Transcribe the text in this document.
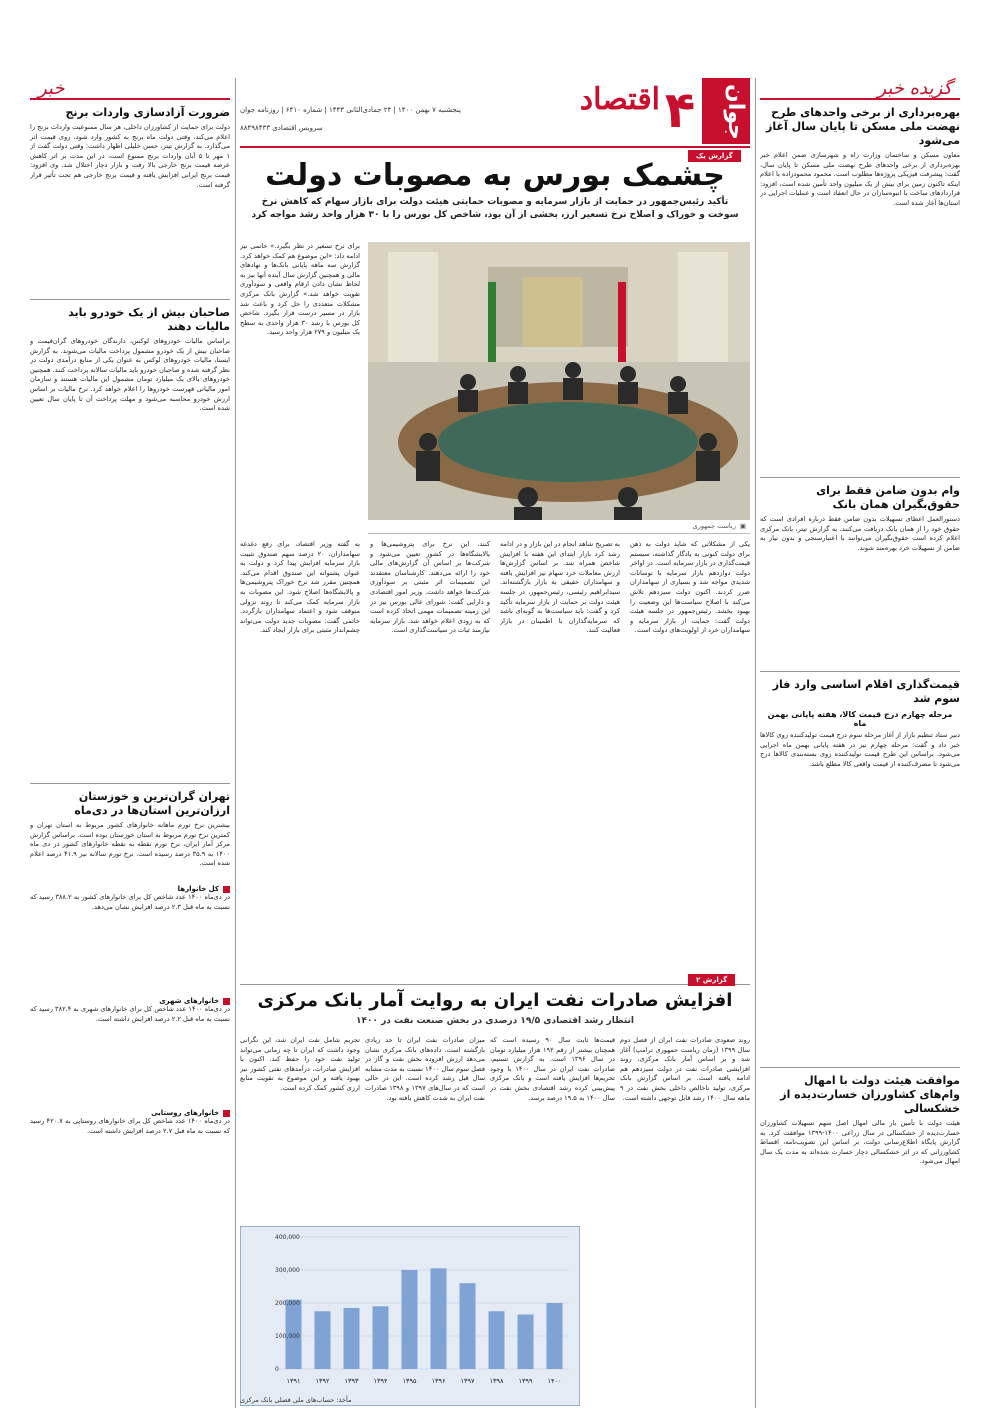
جوان
۴
اقتصاد
پنجشنبه ۷ بهمن ۱۴۰۰ | ۲۴ جمادی‌الثانی ۱۴۴۳ | شماره ۶۴۱۰ | روزنامه جوان
سرویس اقتصادی ۸۸۴۹۸۴۳۳
گزارش یک
چشمک بورس به مصوبات دولت
تأکید رئیس‌جمهور در حمایت از بازار سرمایه و مصوبات حمایتی هیئت دولت برای بازار سهام که کاهش نرخ سوخت و خوراک و اصلاح نرخ تسعیر ارز، بخشی از آن بود، شاخص کل بورس را با ۳۰ هزار واحد رشد مواجه کرد
▣
ریاست جمهوری
برای نرخ تسعیر در نظر بگیرد.» خاتمی‌ نیز ادامه داد: «این موضوع هم کمک خواهد کرد. گزارش سه ماهه پایانی بانک‌ها و نهادهای مالی و همچنین گزارش سال آینده آنها نیز به لحاظ نشان دادن ارقام واقعی و سودآوری تقویت خواهد شد.» گزارش بانک مرکزی مشکلات متعددی را حل کرد و باعث شد بازار در مسیر درست قرار بگیرد. شاخص کل بورس با رشد ۳۰ هزار واحدی به سطح یک میلیون و ۲۷۹ هزار واحد رسید.
به گفته وزیر اقتصاد، برای رفع دغدغه سهامداران، ۲۰ درصد سهم صندوق تثبیت بازار سرمایه افزایش پیدا کرد و دولت به عنوان پشتوانه این صندوق اقدام می‌کند. همچنین مقرر شد نرخ خوراک پتروشیمی‌ها و پالایشگاه‌ها اصلاح شود. این مصوبات به بازار سرمایه کمک می‌کند تا روند نزولی متوقف شود و اعتماد سهامداران بازگردد. خاتمی گفت: مصوبات جدید دولت می‌تواند چشم‌انداز مثبتی برای بازار ایجاد کند.
کنند. این نرخ برای پتروشیمی‌ها و پالایشگاه‌ها در کشور تعیین می‌شود و شرکت‌ها بر اساس آن گزارش‌های مالی خود را ارائه می‌دهند. کارشناسان معتقدند این تصمیمات اثر مثبتی بر سودآوری شرکت‌ها خواهد داشت. وزیر امور اقتصادی و دارایی گفت: شورای عالی بورس نیز در این زمینه تصمیمات مهمی اتخاذ کرده است که به زودی اعلام خواهد شد. بازار سرمایه نیازمند ثبات در سیاست‌گذاری است.
به تصریح شاهد انجام در این بازار و در ادامه رشد کرد بازار ابتدای این هفته با افزایش شاخص همراه شد. بر اساس گزارش‌ها ارزش معاملات خرد سهام نیز افزایش یافته و سهامداران حقیقی به بازار بازگشته‌اند. سیدابراهیم رئیسی، رئیس‌جمهور، در جلسه هیئت دولت بر حمایت از بازار سرمایه تأکید کرد و گفت: باید سیاست‌ها به گونه‌ای باشد که سرمایه‌گذاران با اطمینان در بازار فعالیت کنند.
یکی از مشکلاتی که شاید دولت به‌ ذهن برای دولت کنونی به یادگار گذاشته، سیستم قیمت‌گذاری در بازار سرمایه است. در اواخر دولت دوازدهم بازار سرمایه با نوسانات شدیدی مواجه شد و بسیاری از سهامداران ضرر کردند. اکنون دولت سیزدهم تلاش می‌کند با اصلاح سیاست‌ها این وضعیت را بهبود بخشد. رئیس‌جمهور در جلسه هیئت دولت گفت: حمایت از بازار سرمایه و سهامداران خرد از اولویت‌های دولت است.
گزارش ۲
افزایش صادرات نفت ایران به روایت آمار بانک مرکزی
انتظار رشد اقتصادی ۱۹/۵ درصدی در بخش صنعت نفت در ۱۴۰۰
روند صعودی صادرات نفت ایران از فصل دوم سال ۱۳۹۹ (زمان ریاست جمهوری ترامپ) آغاز شد و بر اساس آمار بانک مرکزی، روند افزایشی صادرات نفت در دولت سیزدهم هم ادامه یافته است. بر اساس گزارش بانک مرکزی، تولید ناخالص داخلی بخش نفت در ۹ ماهه سال ۱۴۰۰ رشد قابل توجهی داشته است.
قیمت‌ها ثابت سال ۹۰ رسیده است که همچنان بیشتر از رقم ۱۹۲ هزار میلیارد تومان در سال ۱۳۹۶ است. به گزارش تسنیم، صادرات نفت ایران در سال ۱۴۰۰ با وجود تحریم‌ها افزایش یافته است و بانک مرکزی پیش‌بینی کرده رشد اقتصادی بخش نفت در سال ۱۴۰۰ به ۱۹.۵ درصد برسد.
میزان صادرات نفت ایران تا حد زیادی بازگشته است. داده‌های بانک مرکزی نشان می‌دهد ارزش افزوده بخش نفت و گاز در فصل سوم سال ۱۴۰۰ نسبت به مدت مشابه سال قبل رشد کرده است. این در حالی است که در سال‌های ۱۳۹۷ و ۱۳۹۸ صادرات نفت ایران به شدت کاهش یافته بود.
تحریم شامل نفت ایران شد، این نگرانی وجود داشت که ایران تا چه زمانی می‌تواند تولید نفت خود را حفظ کند. اکنون با افزایش صادرات، درآمدهای نفتی کشور نیز بهبود یافته و این موضوع به تقویت منابع ارزی کشور کمک کرده است.
0
100,000
200,000
300,000
400,000
۱۳۹۱ ۱۳۹۲ ۱۳۹۳ ۱۳۹۴ ۱۳۹۵ ۱۳۹۶ ۱۳۹۷ ۱۳۹۸ ۱۳۹۹ ۱۴۰۰
مأخذ: حساب‌های ملی فصلی بانک مرکزی
خبر
ضرورت آزادسازی واردات برنج
دولت برای حمایت از کشاورزان داخلی، هر سال ممنوعیت واردات برنج را اعلام می‌کند، وقتی دولت ماه برنج به کشور وارد شود، روی قیمت اثر می‌گذارد. به گزارش تیتر، حسن خلیلی‌ اظهار داشت: وقتی دولت گفت از ۱ مهر تا ۵ آبان واردات برنج ممنوع است، در این مدت بر اثر کاهش عرضه قیمت برنج خارجی بالا رفت و بازار دچار اختلال شد. وی افزود: قیمت برنج ایرانی افزایش یافته و قیمت برنج خارجی هم تحت تأثیر قرار گرفته است.
صاحبان بیش از یک خودرو باید مالیات دهند
براساس مالیات خودروهای لوکس، دارندگان خودروهای گران‌قیمت و صاحبان بیش از یک خودرو مشمول پرداخت مالیات می‌شوند. به گزارش ایسنا، مالیات خودروهای لوکس به عنوان یکی از منابع درآمدی دولت در نظر گرفته شده و صاحبان خودرو باید مالیات سالانه پرداخت کنند. همچنین خودروهای بالای یک میلیارد تومان مشمول این مالیات هستند و سازمان امور مالیاتی فهرست خودروها را اعلام خواهد کرد. نرخ مالیات بر اساس ارزش خودرو محاسبه می‌شود و مهلت پرداخت آن تا پایان سال تعیین شده است.
تهران گران‌ترین و خوزستان ارزان‌ترین استان‌ها در دی‌ماه
بیشترین نرخ تورم ماهانه خانوارهای کشور مربوط به استان تهران و کمترین نرخ تورم مربوط به استان خوزستان بوده است. براساس گزارش مرکز آمار ایران، نرخ تورم نقطه به نقطه خانوارهای کشور در دی ماه ۱۴۰۰ به ۳۵.۹ درصد رسیده است. نرخ تورم سالانه نیز ۴۱.۹ درصد اعلام شده است.
کل خانوارها
در دی‌ماه ۱۴۰۰ عدد شاخص کل برای خانوارهای کشور به ۳۸۸.۲ رسید که نسبت به ماه قبل ۲.۳ درصد افزایش نشان می‌دهد.
خانوارهای شهری
در دی‌ماه ۱۴۰۰ عدد شاخص کل برای خانوارهای شهری به ۳۸۲.۴ رسید که نسبت به ماه قبل ۲.۲ درصد افزایش داشته است.
خانوارهای روستایی
در دی‌ماه ۱۴۰۰ عدد شاخص کل برای خانوارهای روستایی به ۴۲۰.۷ رسید که نسبت به ماه قبل ۲.۷ درصد افزایش داشته است.
گزیده خبر
بهره‌برداری از برخی واحدهای طرح نهضت ملی مسکن تا پایان سال آغاز می‌شود
معاون مسکن و ساختمان وزارت راه و شهرسازی ضمن اعلام خبر بهره‌برداری از برخی واحدهای طرح نهضت ملی مسکن تا پایان سال، گفت: پیشرفت فیزیکی پروژه‌ها مطلوب است. محمود محمودزاده با اعلام اینکه تاکنون زمین برای بیش از یک میلیون واحد تأمین شده است، افزود: قراردادهای ساخت با انبوه‌سازان در حال انعقاد است و عملیات اجرایی در استان‌ها آغاز شده است.
وام بدون ضامن فقط برای حقوق‌بگیران همان بانک
دستورالعمل اعطای تسهیلات بدون ضامن فقط درباره افرادی است که حقوق خود را از همان بانک دریافت می‌کنند. به گزارش تیتر، بانک مرکزی اعلام کرده است حقوق‌بگیران می‌توانند با اعتبارسنجی و بدون نیاز به ضامن از تسهیلات خرد بهره‌مند شوند.
قیمت‌گذاری اقلام اساسی وارد فاز سوم شد
مرحله چهارم درج قیمت کالا، هفته پایانی بهمن ماه
دبیر ستاد تنظیم بازار از آغاز مرحله سوم درج قیمت تولیدکننده روی کالاها خبر داد و گفت: مرحله چهارم نیز در هفته پایانی بهمن ماه اجرایی می‌شود. براساس این طرح قیمت تولیدکننده روی بسته‌بندی کالاها درج می‌شود تا مصرف‌کننده از قیمت واقعی کالا مطلع باشد.
موافقت هیئت دولت با امهال وام‌های کشاورزان خسارت‌دیده از خشکسالی
هیئت دولت با تأمین بار مالی امهال اصل سهم تسهیلات کشاورزان خسارت‌دیده از خشکسالی در سال زراعی ۱۴۰۰-۱۳۹۹ موافقت کرد. به گزارش پایگاه اطلاع‌رسانی دولت، بر اساس این تصویب‌نامه، اقساط کشاورزانی که در اثر خشکسالی دچار خسارت شده‌اند به مدت یک سال امهال می‌شود.
